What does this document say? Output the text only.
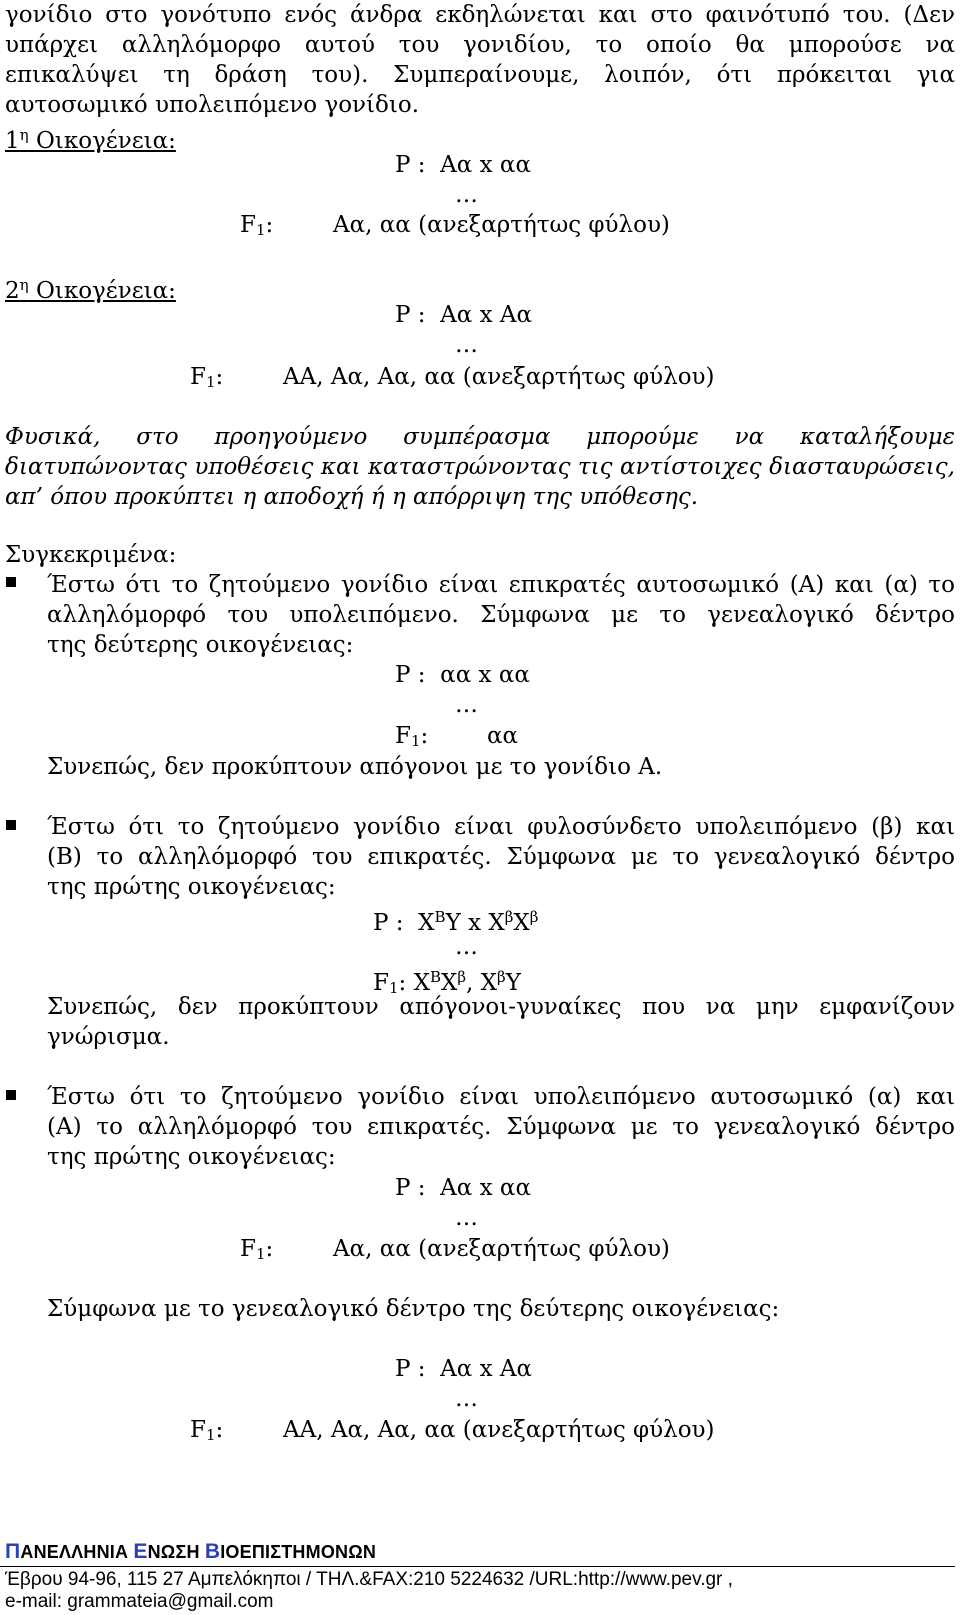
γονίδιο στο γονότυπο ενός άνδρα εκδηλώνεται και στο φαινότυπό του. (Δεν
υπάρχει αλληλόμορφο αυτού του γονιδίου, το οποίο θα μπορούσε να
επικαλύψει τη δράση του). Συμπεραίνουμε, λοιπόν, ότι πρόκειται για
αυτοσωμικό υπολειπόμενο γονίδιο.
$1^\eta$ Οικογένεια:
P : Αα x αα
…
$F_1$:	Αα, αα (ανεξαρτήτως φύλου)
$2^\eta$ Οικογένεια:
P : Αα x Αα
…
$F_1$:	ΑΑ, Αα, Αα, αα (ανεξαρτήτως φύλου)
Φυσικά, στο προηγούμενο συμπέρασμα μπορούμε να καταλήξουμε
διατυπώνοντας υποθέσεις και καταστρώνοντας τις αντίστοιχες διασταυρώσεις,
απ’ όπου προκύπτει η αποδοχή ή η απόρριψη της υπόθεσης.
Συγκεκριμένα:
Έστω ότι το ζητούμενο γονίδιο είναι επικρατές αυτοσωμικό (Α) και (α) το
αλληλόμορφό του υπολειπόμενο. Σύμφωνα με το γενεαλογικό δέντρο
της δεύτερης οικογένειας:
P : αα x αα
…
$F_1$:	αα
Συνεπώς, δεν προκύπτουν απόγονοι με το γονίδιο Α.
Έστω ότι το ζητούμενο γονίδιο είναι φυλοσύνδετο υπολειπόμενο (β) και
(Β) το αλληλόμορφό του επικρατές. Σύμφωνα με το γενεαλογικό δέντρο
της πρώτης οικογένειας:
P : $X^BY$ x $X^\beta X^\beta$
…
$F_1$: $X^BX^\beta$, $X^\beta Y$
Συνεπώς, δεν προκύπτουν απόγονοι-γυναίκες που να μην εμφανίζουν
γνώρισμα.
Έστω ότι το ζητούμενο γονίδιο είναι υπολειπόμενο αυτοσωμικό (α) και
(Α) το αλληλόμορφό του επικρατές. Σύμφωνα με το γενεαλογικό δέντρο
της πρώτης οικογένειας:
P : Αα x αα
…
$F_1$:	Αα, αα (ανεξαρτήτως φύλου)
Σύμφωνα με το γενεαλογικό δέντρο της δεύτερης οικογένειας:
P : Αα x Αα
…
$F_1$:	ΑΑ, Αα, Αα, αα (ανεξαρτήτως φύλου)
ΠΑΝΕΛΛΗΝΙΑ ΕΝΩΣΗ ΒΙΟΕΠΙΣΤΗΜΟΝΩΝ
Έβρου 94-96, 115 27 Αμπελόκηποι / ΤΗΛ.&FAX:210 5224632 /URL:http://www.pev.gr ,
e-mail: grammateia@gmail.com
